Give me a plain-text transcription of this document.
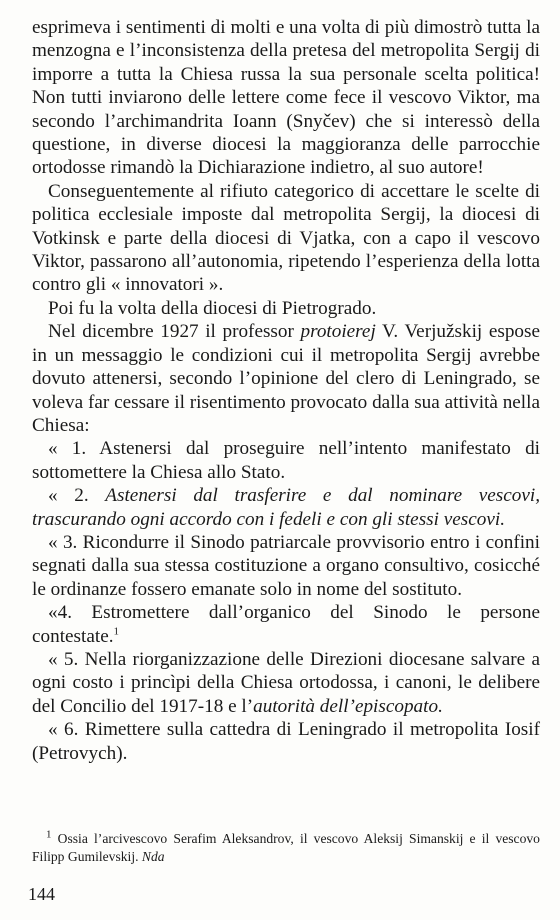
esprimeva i sentimenti di molti e una volta di più dimostrò tutta la menzogna e l’inconsistenza della pretesa del metropolita Sergij di imporre a tutta la Chiesa russa la sua personale scelta politica! Non tutti inviarono delle lettere come fece il vescovo Viktor, ma secondo l’archimandrita Ioann (Snyčev) che si interessò della questione, in diverse diocesi la maggioranza delle parrocchie ortodosse rimandò la Dichiarazione indietro, al suo autore!

Conseguentemente al rifiuto categorico di accettare le scelte di politica ecclesiale imposte dal metropolita Sergij, la diocesi di Votkinsk e parte della diocesi di Vjatka, con a capo il vescovo Viktor, passarono all’autonomia, ripetendo l’esperienza della lotta contro gli « innovatori ».

Poi fu la volta della diocesi di Pietrogrado.

Nel dicembre 1927 il professor protoierej V. Verjužskij espose in un messaggio le condizioni cui il metropolita Sergij avrebbe dovuto attenersi, secondo l’opinione del clero di Leningrado, se voleva far cessare il risentimento provocato dalla sua attività nella Chiesa:

« 1. Astenersi dal proseguire nell’intento manifestato di sottomettere la Chiesa allo Stato.

« 2. Astenersi dal trasferire e dal nominare vescovi, trascurando ogni accordo con i fedeli e con gli stessi vescovi.

« 3. Ricondurre il Sinodo patriarcale provvisorio entro i confini segnati dalla sua stessa costituzione a organo consultivo, cosicché le ordinanze fossero emanate solo in nome del sostituto.

«4. Estromettere dall’organico del Sinodo le persone contestate.$^1$

« 5. Nella riorganizzazione delle Direzioni diocesane salvare a ogni costo i princìpi della Chiesa ortodossa, i canoni, le delibere del Concilio del 1917-18 e l’autorità dell’episcopato.

« 6. Rimettere sulla cattedra di Leningrado il metropolita Iosif (Petrovych).

$^1$ Ossia l’arcivescovo Serafim Aleksandrov, il vescovo Aleksij Simanskij e il vescovo Filipp Gumilevskij. Nda

144
